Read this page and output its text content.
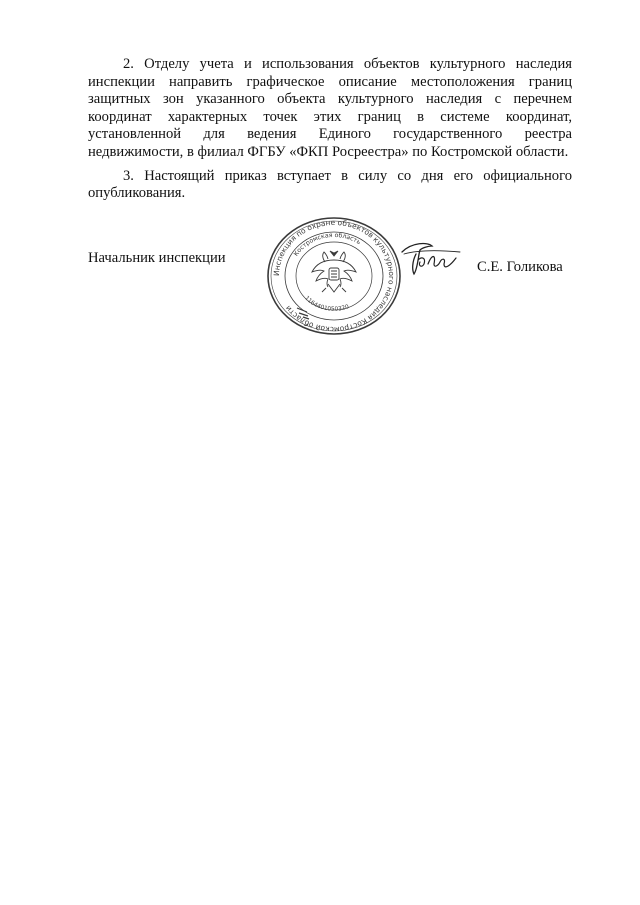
2. Отделу учета и использования объектов культурного наследия инспекции направить графическое описание местоположения границ защитных зон указанного объекта культурного наследия с перечнем координат характерных точек этих границ в системе координат, установленной для ведения Единого государственного реестра недвижимости, в филиал ФГБУ «ФКП Росреестра» по Костромской области.

3. Настоящий приказ вступает в силу со дня его официального опубликования.

Начальник инспекции
Инспекция по охране объектов культурного наследия Костромской области
Костромская область
1164401050320
С.Е. Голикова
